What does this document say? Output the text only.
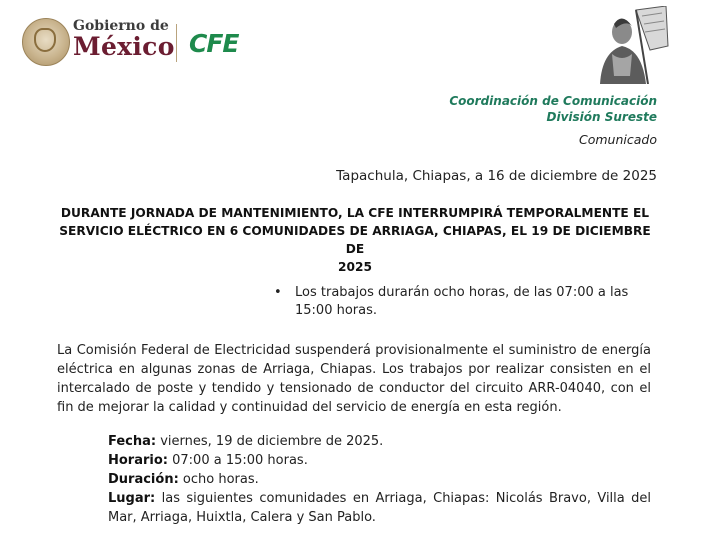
Gobierno de
México CFE
Coordinación de Comunicación
División Sureste
Comunicado
Tapachula, Chiapas, a 16 de diciembre de 2025
DURANTE JORNADA DE MANTENIMIENTO, LA CFE INTERRUMPIRÁ TEMPORALMENTE EL
SERVICIO ELÉCTRICO EN 6 COMUNIDADES DE ARRIAGA, CHIAPAS, EL 19 DE DICIEMBRE DE
2025
• Los trabajos durarán ocho horas, de las 07:00 a las 15:00 horas.
La Comisión Federal de Electricidad suspenderá provisionalmente el suministro de energía eléctrica en algunas zonas de Arriaga, Chiapas. Los trabajos por realizar consisten en el intercalado de poste y tendido y tensionado de conductor del circuito ARR-04040, con el fin de mejorar la calidad y continuidad del servicio de energía en esta región.
Fecha: viernes, 19 de diciembre de 2025.
Horario: 07:00 a 15:00 horas.
Duración: ocho horas.
Lugar: las siguientes comunidades en Arriaga, Chiapas: Nicolás Bravo, Villa del Mar, Arriaga, Huixtla, Calera y San Pablo.
